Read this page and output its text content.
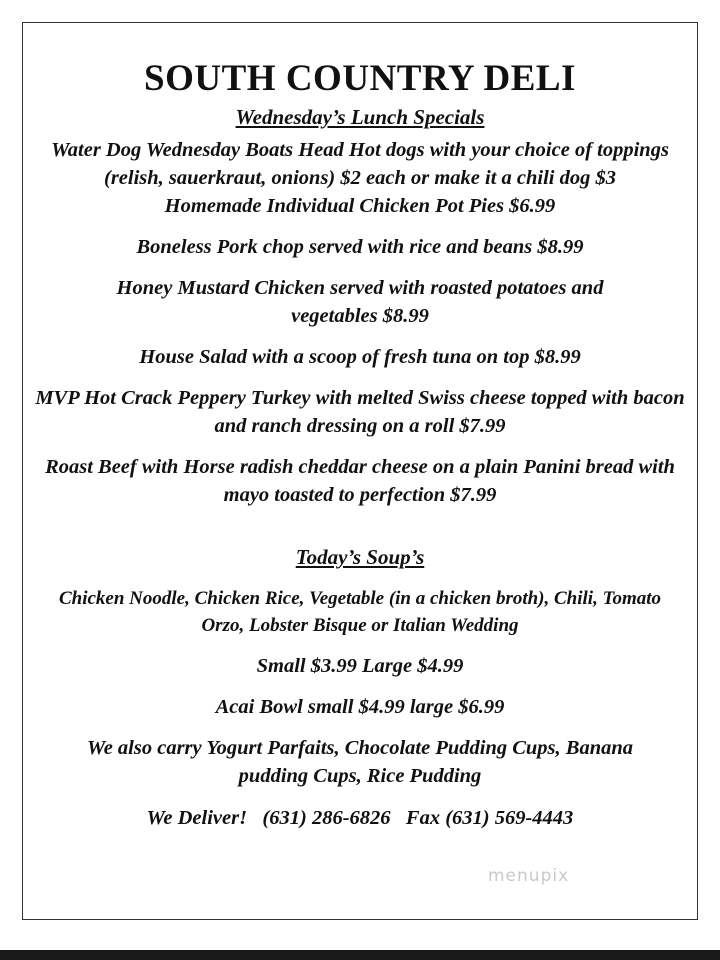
SOUTH COUNTRY DELI
Wednesday’s Lunch Specials

Water Dog Wednesday Boats Head Hot dogs with your choice of toppings (relish, sauerkraut, onions) $2 each or make it a chili dog $3

Homemade Individual Chicken Pot Pies $6.99

Boneless Pork chop served with rice and beans $8.99

Honey Mustard Chicken served with roasted potatoes and vegetables $8.99

House Salad with a scoop of fresh tuna on top $8.99

MVP Hot Crack Peppery Turkey with melted Swiss cheese topped with bacon and ranch dressing on a roll $7.99

Roast Beef with Horse radish cheddar cheese on a plain Panini bread with mayo toasted to perfection $7.99

Today’s Soup’s

Chicken Noodle, Chicken Rice, Vegetable (in a chicken broth), Chili, Tomato Orzo, Lobster Bisque or Italian Wedding

Small $3.99 Large $4.99

Acai Bowl small $4.99 large $6.99

We also carry Yogurt Parfaits, Chocolate Pudding Cups, Banana pudding Cups, Rice Pudding

We Deliver!   (631) 286-6826   Fax (631) 569-4443

menupix
